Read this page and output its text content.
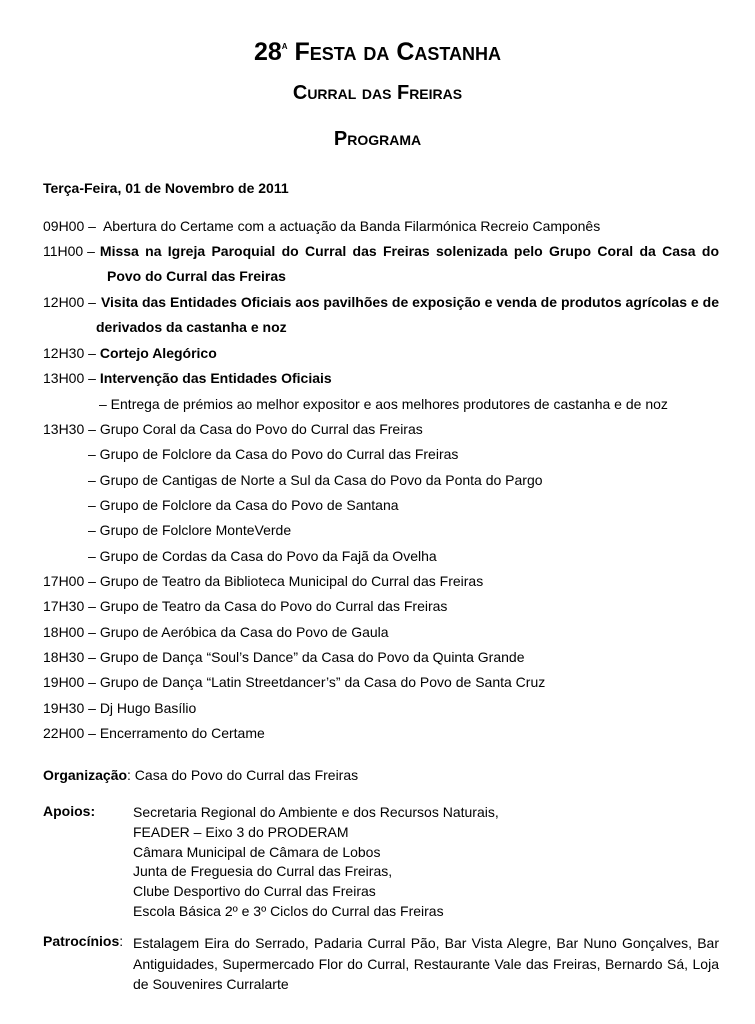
28$^a$ Festa da Castanha
Curral das Freiras
Programa
Terça-Feira, 01 de Novembro de 2011
09H00 – Abertura do Certame com a actuação da Banda Filarmónica Recreio Camponês
11H00 – Missa na Igreja Paroquial do Curral das Freiras solenizada pelo Grupo Coral da Casa do
Povo do Curral das Freiras
12H00 – Visita das Entidades Oficiais aos pavilhões de exposição e venda de produtos agrícolas e de
derivados da castanha e noz
12H30 – Cortejo Alegórico
13H00 – Intervenção das Entidades Oficiais
– Entrega de prémios ao melhor expositor e aos melhores produtores de castanha e de noz
13H30 – Grupo Coral da Casa do Povo do Curral das Freiras
– Grupo de Folclore da Casa do Povo do Curral das Freiras
– Grupo de Cantigas de Norte a Sul da Casa do Povo da Ponta do Pargo
– Grupo de Folclore da Casa do Povo de Santana
– Grupo de Folclore MonteVerde
– Grupo de Cordas da Casa do Povo da Fajã da Ovelha
17H00 – Grupo de Teatro da Biblioteca Municipal do Curral das Freiras
17H30 – Grupo de Teatro da Casa do Povo do Curral das Freiras
18H00 – Grupo de Aeróbica da Casa do Povo de Gaula
18H30 – Grupo de Dança “Soul’s Dance” da Casa do Povo da Quinta Grande
19H00 – Grupo de Dança “Latin Streetdancer’s” da Casa do Povo de Santa Cruz
19H30 – Dj Hugo Basílio
22H00 – Encerramento do Certame
Organização: Casa do Povo do Curral das Freiras
Apoios:	Secretaria Regional do Ambiente e dos Recursos Naturais,
FEADER – Eixo 3 do PRODERAM
Câmara Municipal de Câmara de Lobos
Junta de Freguesia do Curral das Freiras,
Clube Desportivo do Curral das Freiras
Escola Básica 2º e 3º Ciclos do Curral das Freiras
Patrocínios: Estalagem Eira do Serrado, Padaria Curral Pão, Bar Vista Alegre, Bar Nuno Gonçalves, Bar
Antiguidades, Supermercado Flor do Curral, Restaurante Vale das Freiras, Bernardo Sá, Loja
de Souvenires Curralarte
